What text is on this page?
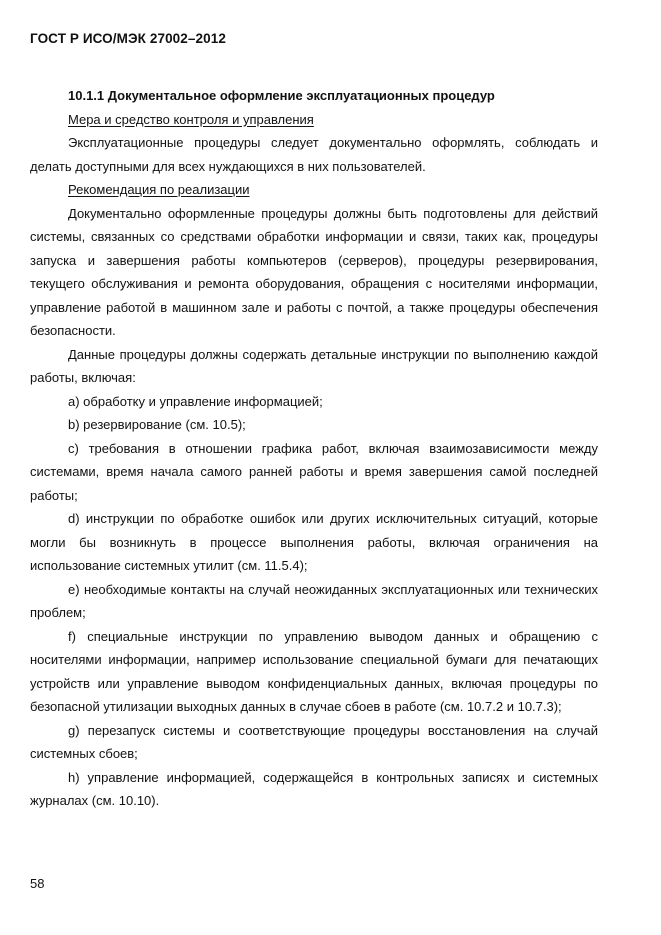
ГОСТ Р ИСО/МЭК 27002–2012

10.1.1 Документальное оформление эксплуатационных процедур

Мера и средство контроля и управления

Эксплуатационные процедуры следует документально оформлять, соблюдать и делать доступными для всех нуждающихся в них пользователей.

Рекомендация по реализации

Документально оформленные процедуры должны быть подготовлены для действий системы, связанных со средствами обработки информации и связи, таких как, процедуры запуска и завершения работы компьютеров (серверов), процедуры резервирования, текущего обслуживания и ремонта оборудования, обращения с носителями информации, управление работой в машинном зале и работы с почтой, а также процедуры обеспечения безопасности.

Данные процедуры должны содержать детальные инструкции по выполнению каждой работы, включая:

a) обработку и управление информацией;

b) резервирование (см. 10.5);

c) требования в отношении графика работ, включая взаимозависимости между системами, время начала самого ранней работы и время завершения самой последней работы;

d) инструкции по обработке ошибок или других исключительных ситуаций, которые могли бы возникнуть в процессе выполнения работы, включая ограничения на использование системных утилит (см. 11.5.4);

e) необходимые контакты на случай неожиданных эксплуатационных или технических проблем;

f) специальные инструкции по управлению выводом данных и обращению с носителями информации, например использование специальной бумаги для печатающих устройств или управление выводом конфиденциальных данных, включая процедуры по безопасной утилизации выходных данных в случае сбоев в работе (см. 10.7.2 и 10.7.3);

g) перезапуск системы и соответствующие процедуры восстановления на случай системных сбоев;

h) управление информацией, содержащейся в контрольных записях и системных журналах (см. 10.10).

58
